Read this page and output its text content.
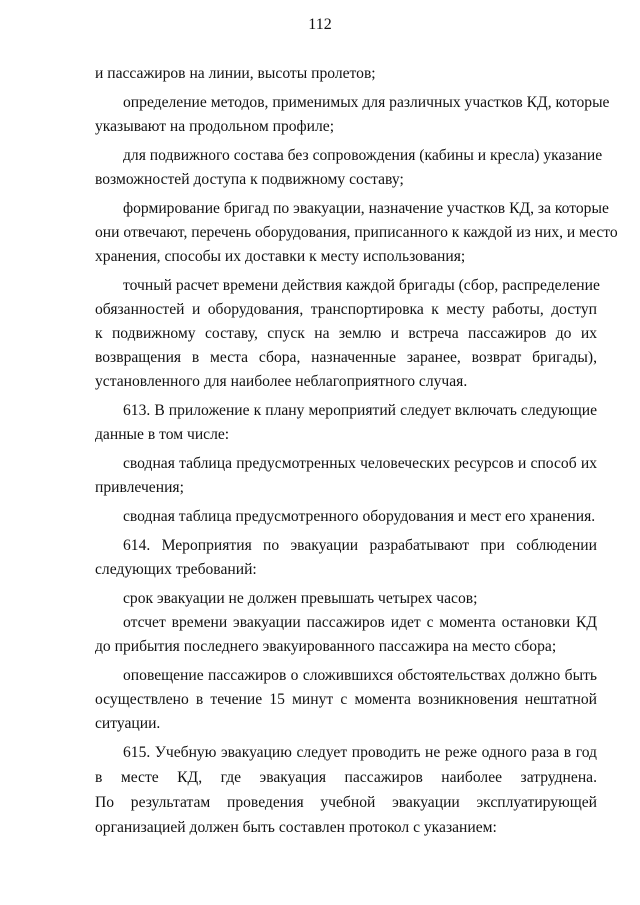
112
и пассажиров на линии, высоты пролетов;
определение методов, применимых для различных участков КД, которые
указывают на продольном профиле;
для подвижного состава без сопровождения (кабины и кресла) указание
возможностей доступа к подвижному составу;
формирование бригад по эвакуации, назначение участков КД, за которые
они отвечают, перечень оборудования, приписанного к каждой из них, и место
хранения, способы их доставки к месту использования;
точный расчет времени действия каждой бригады (сбор, распределение
обязанностей и оборудования, транспортировка к месту работы, доступ
к подвижному составу, спуск на землю и встреча пассажиров до их
возвращения в места сбора, назначенные заранее, возврат бригады),
установленного для наиболее неблагоприятного случая.
613. В приложение к плану мероприятий следует включать следующие
данные в том числе:
сводная таблица предусмотренных человеческих ресурсов и способ их
привлечения;
сводная таблица предусмотренного оборудования и мест его хранения.
614. Мероприятия по эвакуации разрабатывают при соблюдении
следующих требований:
срок эвакуации не должен превышать четырех часов;
отсчет времени эвакуации пассажиров идет с момента остановки КД
до прибытия последнего эвакуированного пассажира на место сбора;
оповещение пассажиров о сложившихся обстоятельствах должно быть
осуществлено в течение 15 минут с момента возникновения нештатной
ситуации.
615. Учебную эвакуацию следует проводить не реже одного раза в год
в месте КД, где эвакуация пассажиров наиболее затруднена.
По результатам проведения учебной эвакуации эксплуатирующей
организацией должен быть составлен протокол с указанием:
